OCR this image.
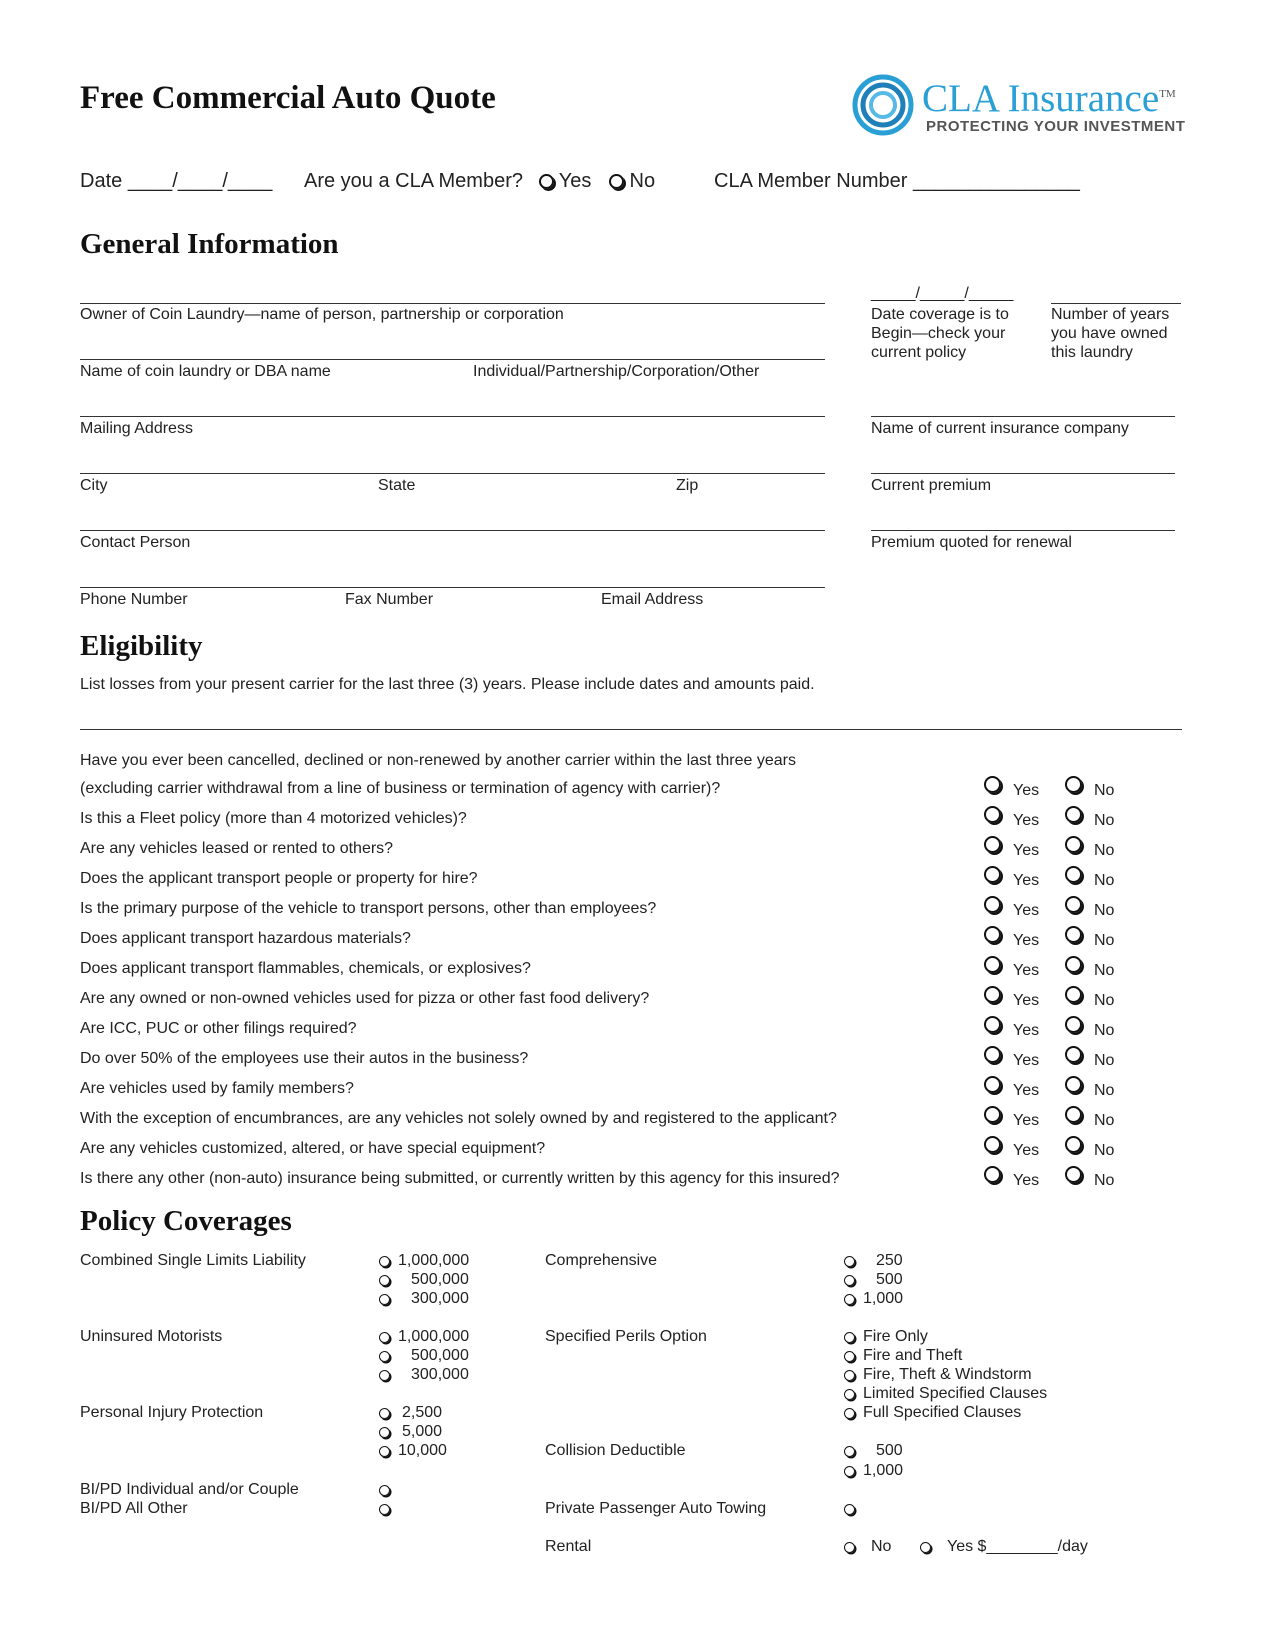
Free Commercial Auto Quote	CLA Insurance™
PROTECTING YOUR INVESTMENT
Date ____/____/____ Are you a CLA Member? Yes No	CLA Member Number _______________
General Information
Owner of Coin Laundry—name of person, partnership or corporation
Name of coin laundry or DBA name	Individual/Partnership/Corporation/Other
Mailing Address
City	State	Zip
Contact Person
Phone Number	Fax Number	Email Address
_____/_____/_____
Date coverage is to
Begin—check your
current policy
Number of years
you have owned
this laundry
Name of current insurance company
Current premium
Premium quoted for renewal
Eligibility
List losses from your present carrier for the last three (3) years. Please include dates and amounts paid.
Have you ever been cancelled, declined or non-renewed by another carrier within the last three years
(excluding carrier withdrawal from a line of business or termination of agency with carrier)?	Yes	No
Is this a Fleet policy (more than 4 motorized vehicles)?	Yes	No
Are any vehicles leased or rented to others?	Yes	No
Does the applicant transport people or property for hire?	Yes	No
Is the primary purpose of the vehicle to transport persons, other than employees?	Yes	No
Does applicant transport hazardous materials?	Yes	No
Does applicant transport flammables, chemicals, or explosives?	Yes	No
Are any owned or non-owned vehicles used for pizza or other fast food delivery?	Yes	No
Are ICC, PUC or other filings required?	Yes	No
Do over 50% of the employees use their autos in the business?	Yes	No
Are vehicles used by family members?	Yes	No
With the exception of encumbrances, are any vehicles not solely owned by and registered to the applicant?	Yes	No
Are any vehicles customized, altered, or have special equipment?	Yes	No
Is there any other (non-auto) insurance being submitted, or currently written by this agency for this insured?	Yes	No
Policy Coverages
Combined Single Limits Liability	1,000,000
500,000
300,000
Comprehensive	250
500
1,000
Uninsured Motorists	1,000,000
500,000
300,000
Specified Perils Option	Fire Only
Fire and Theft
Fire, Theft & Windstorm
Limited Specified Clauses
Full Specified Clauses
Personal Injury Protection	2,500
5,000
10,000	Collision Deductible	500
1,000
BI/PD Individual and/or Couple
BI/PD All Other	Private Passenger Auto Towing
Rental	No	Yes $________/day
